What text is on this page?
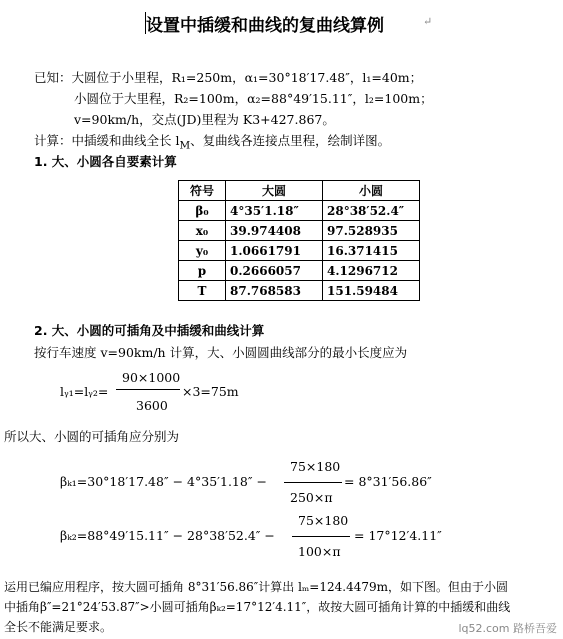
设置中插缓和曲线的复曲线算例	↵
已知：大圆位于小里程，R₁=250m，α₁=30°18′17.48″，l₁=40m；
小圆位于大里程，R₂=100m，α₂=88°49′15.11″，l₂=100m；
v=90km/h，交点(JD)里程为 K3+427.867。
计算：中插缓和曲线全长 $l_M$、复曲线各连接点里程，绘制详图。
1. 大、小圆各自要素计算
符号	大圆	小圆
β₀	4°35′1.18″	28°38′52.4″
x₀	39.974408	97.528935
y₀	1.0661791	16.371415
p	0.2666057	4.1296712
T	87.768583	151.59484
2. 大、小圆的可插角及中插缓和曲线计算
按行车速度 v=90km/h 计算，大、小圆圆曲线部分的最小长度应为
lᵧ₁=lᵧ₂=
90×1000
3600
×3=75m
所以大、小圆的可插角应分别为
βₖ₁=30°18′17.48″ − 4°35′1.18″ −
75×180
250×π
= 8°31′56.86″
βₖ₂=88°49′15.11″ − 28°38′52.4″ −
75×180
100×π
= 17°12′4.11″
运用已编应用程序，按大圆可插角 8°31′56.86″计算出 lₘ=124.4479m，如下图。但由于小圆
中插角β″=21°24′53.87″>小圆可插角βₖ₂=17°12′4.11″，故按大圆可插角计算的中插缓和曲线
全长不能满足要求。	lq52.com 路桥吾爱
